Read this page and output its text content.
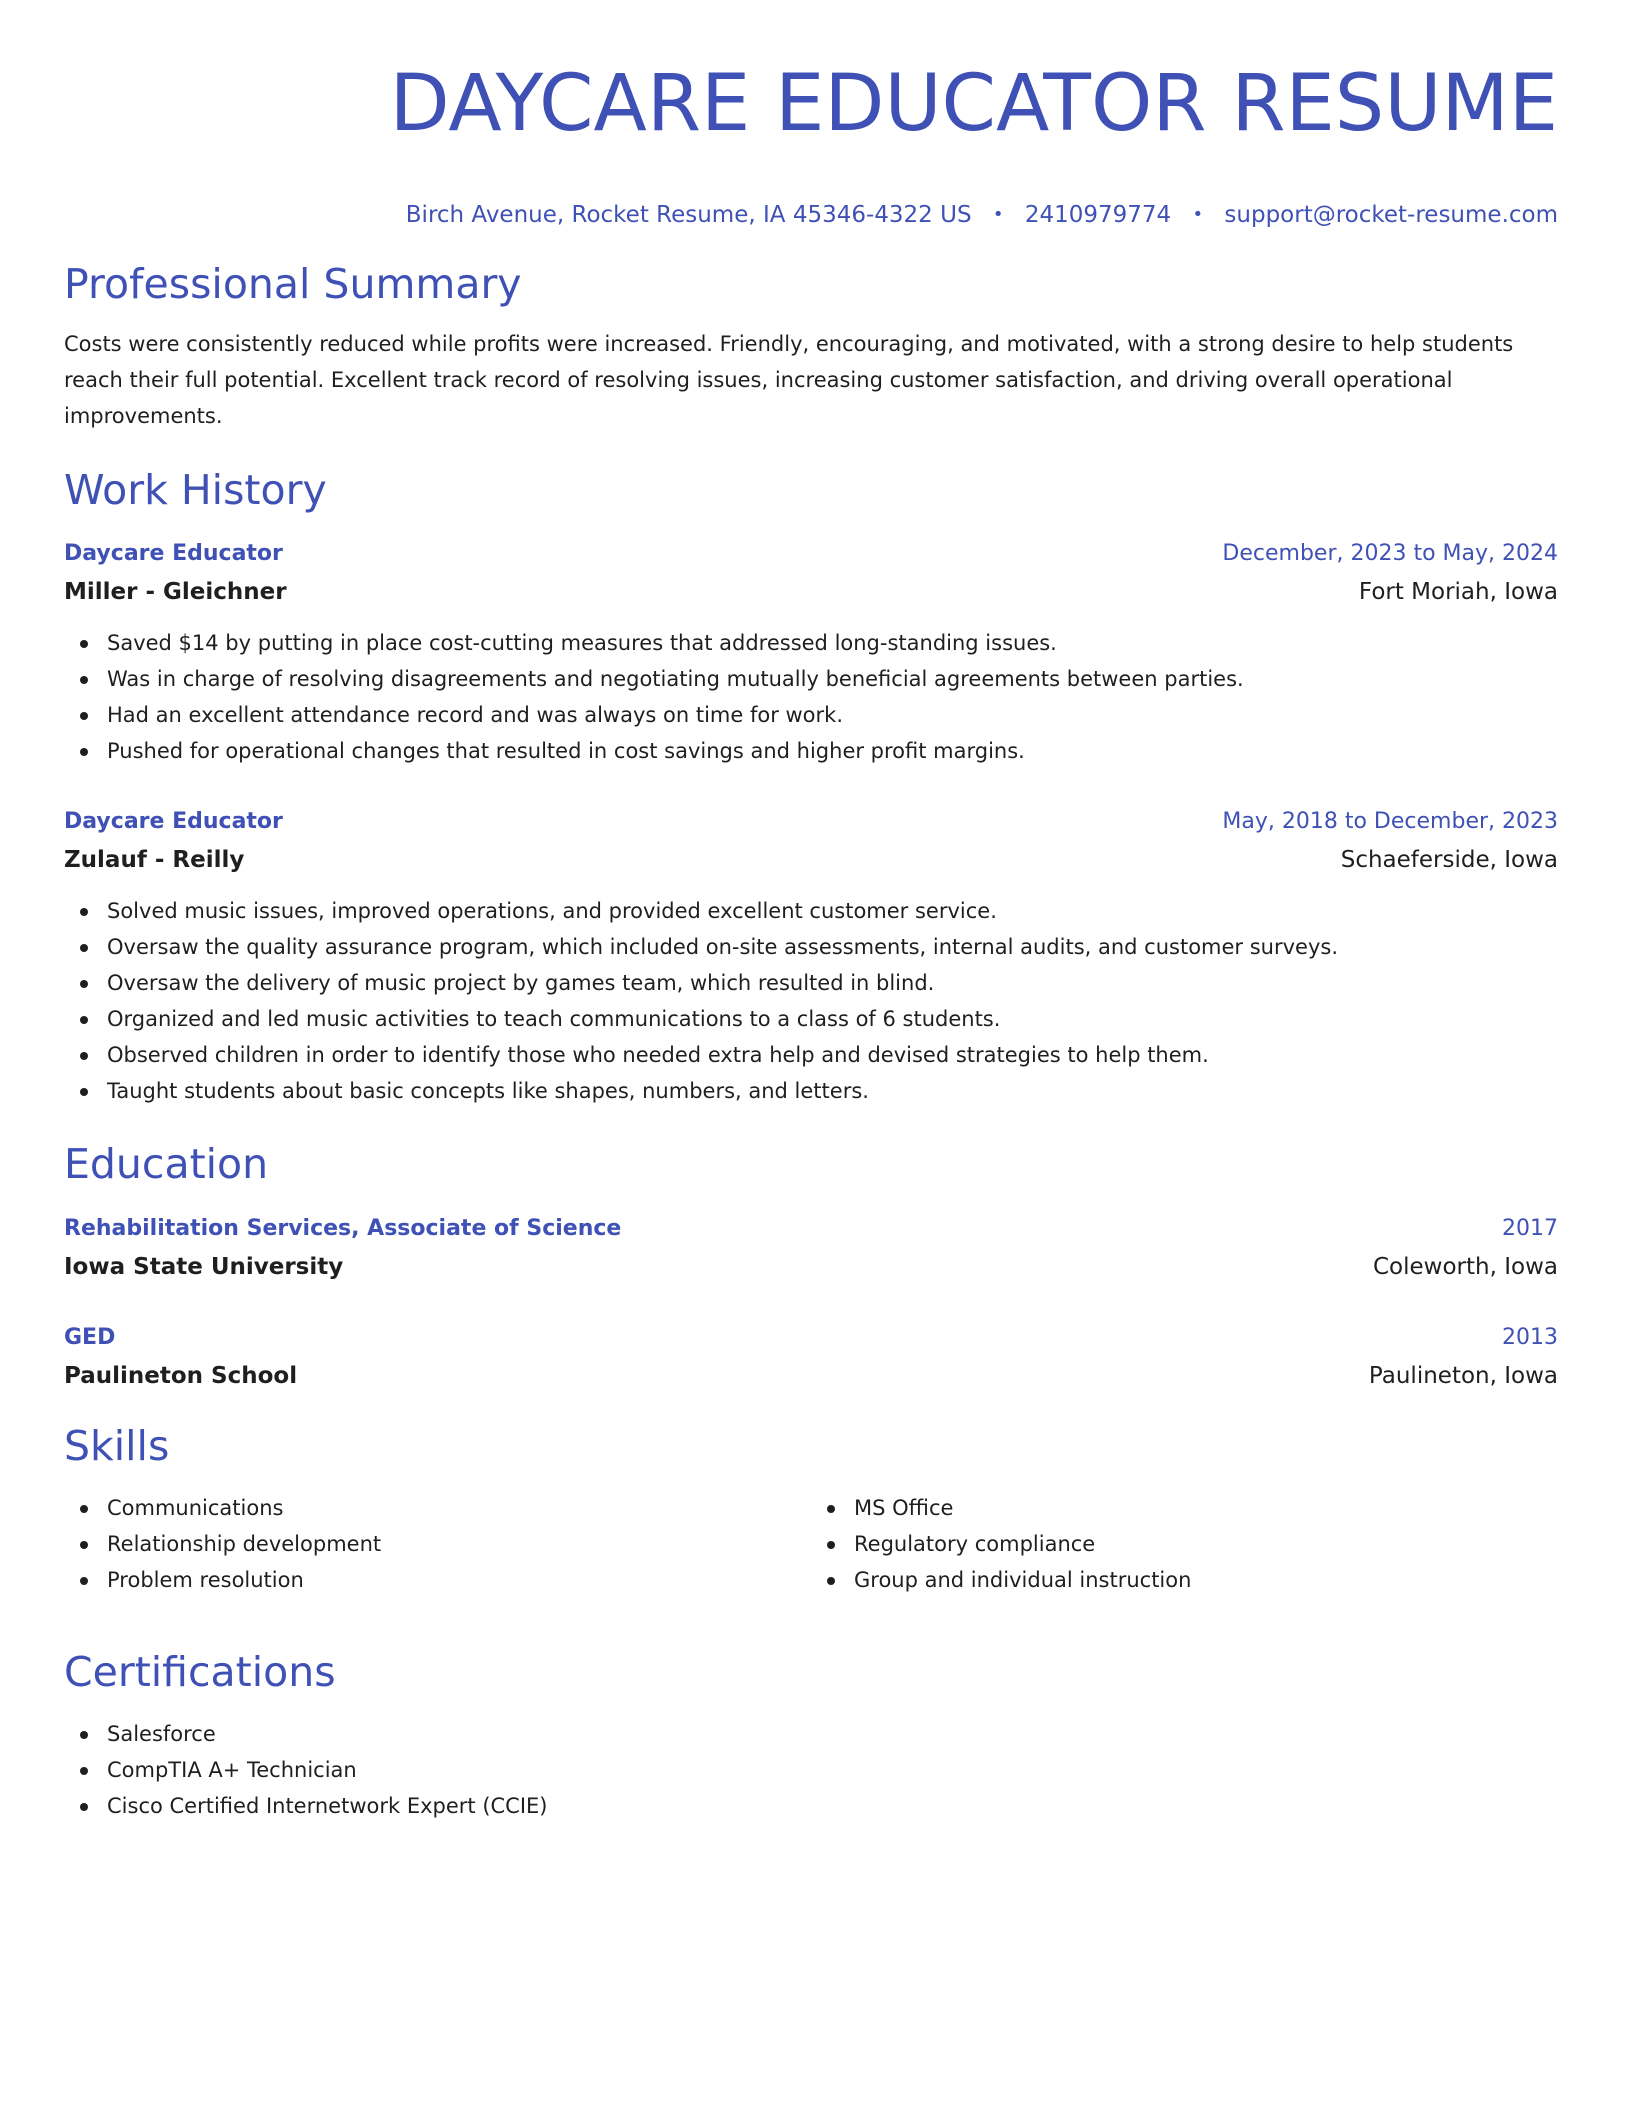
DAYCARE EDUCATOR RESUME
Birch Avenue, Rocket Resume, IA 45346-4322 US • 2410979774 • support@rocket-resume.com
Professional Summary

Costs were consistently reduced while profits were increased. Friendly, encouraging, and motivated, with a strong desire to help students reach their full potential. Excellent track record of resolving issues, increasing customer satisfaction, and driving overall operational improvements.

Work History
Daycare Educator	December, 2023 to May, 2024
Miller - Gleichner	Fort Moriah, Iowa
Saved $14 by putting in place cost-cutting measures that addressed long-standing issues.
Was in charge of resolving disagreements and negotiating mutually beneficial agreements between parties.
Had an excellent attendance record and was always on time for work.
Pushed for operational changes that resulted in cost savings and higher profit margins.
Daycare Educator	May, 2018 to December, 2023
Zulauf - Reilly	Schaeferside, Iowa
Solved music issues, improved operations, and provided excellent customer service.
Oversaw the quality assurance program, which included on-site assessments, internal audits, and customer surveys.
Oversaw the delivery of music project by games team, which resulted in blind.
Organized and led music activities to teach communications to a class of 6 students.
Observed children in order to identify those who needed extra help and devised strategies to help them.
Taught students about basic concepts like shapes, numbers, and letters.
Education
Rehabilitation Services, Associate of Science	2017
Iowa State University	Coleworth, Iowa
GED	2013
Paulineton School	Paulineton, Iowa
Skills
Communications
Relationship development
Problem resolution
MS Office
Regulatory compliance
Group and individual instruction
Certifications
Salesforce
CompTIA A+ Technician
Cisco Certified Internetwork Expert (CCIE)
